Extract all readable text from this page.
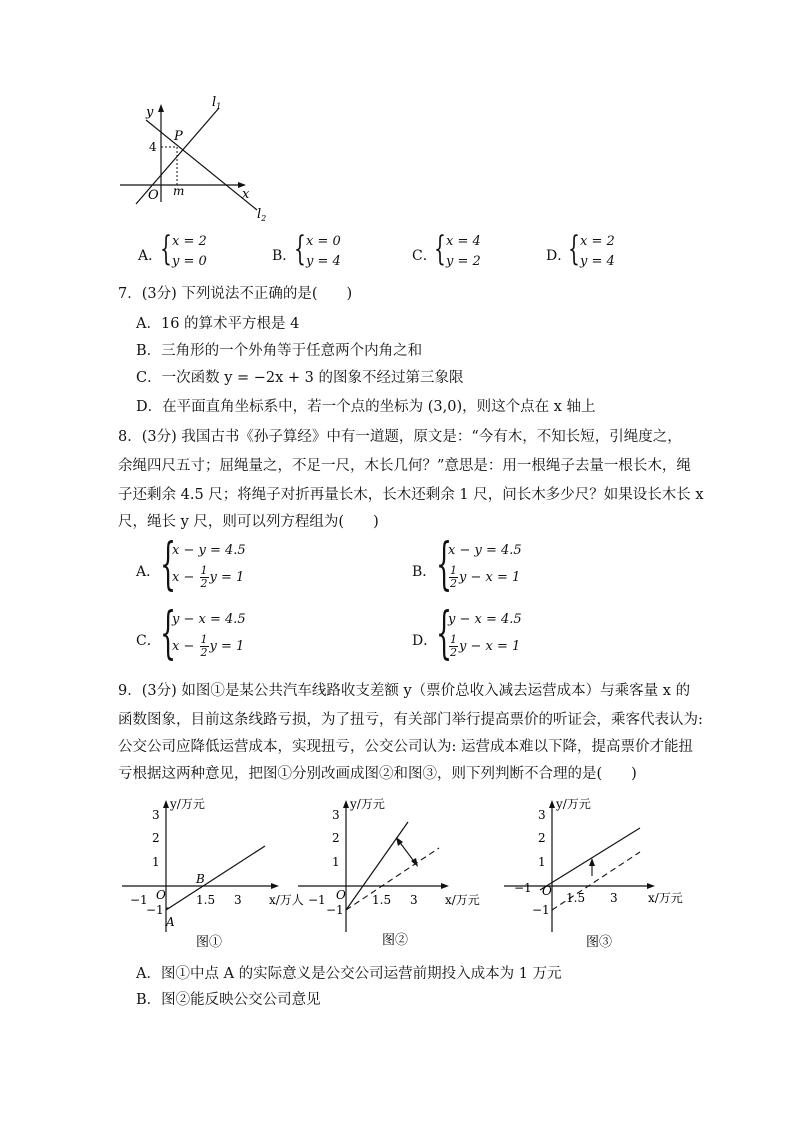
y
x
$l_1$
$l_2$
P
4
O m
A．
{ x = 2
y = 0	B．
{ x = 0
y = 4	C．
{ x = 4
y = 2	D．
{ x = 2
y = 4
7．(3分) 下列说法不正确的是(　　)
A．16 的算术平方根是 4
B．三角形的一个外角等于任意两个内角之和
C．一次函数 y = −2x + 3 的图象不经过第三象限
D．在平面直角坐标系中，若一个点的坐标为 (3,0)，则这个点在 x 轴上
8．(3分) 我国古书《孙子算经》中有一道题，原文是：“今有木，不知长短，引绳度之，
余绳四尺五寸；屈绳量之，不足一尺，木长几何？”意思是：用一根绳子去量一根长木，绳
子还剩余 4.5 尺；将绳子对折再量长木，长木还剩余 1 尺，问长木多少尺？如果设长木长 x
尺，绳长 y 尺，则可以列方程组为(　　)
A． {
x − y = 4.5
$x - \frac{1}{2}$ y = 1	B． {
x − y = 4.5
$\frac{1}{2}$ y − x = 1
C． {
y − x = 4.5
$x - \frac{1}{2}$ y = 1	D．
{
y − x = 4.5
$\frac{1}{2}$ y − x = 1
9．(3分) 如图①是某公共汽车线路收支差额 y（票价总收入减去运营成本）与乘客量 x 的
函数图象，目前这条线路亏损，为了扭亏，有关部门举行提高票价的听证会，乘客代表认为:
公交公司应降低运营成本，实现扭亏，公交公司认为: 运营成本难以下降，提高票价才能扭
亏根据这两种意见，把图①分别改画成图②和图③，则下列判断不合理的是(　　)
y/万元
x/万人
3
2
1
−1
−1 O	1.5 3
B
A
图①
y/万元
x/万元
3
2
1
−1
−1 O 1.5 3
图②
y/万元
x/万元
3
2
1
−1
−1 O 1.5 3
图③
A．图①中点 A 的实际意义是公交公司运营前期投入成本为 1 万元
B．图②能反映公交公司意见
